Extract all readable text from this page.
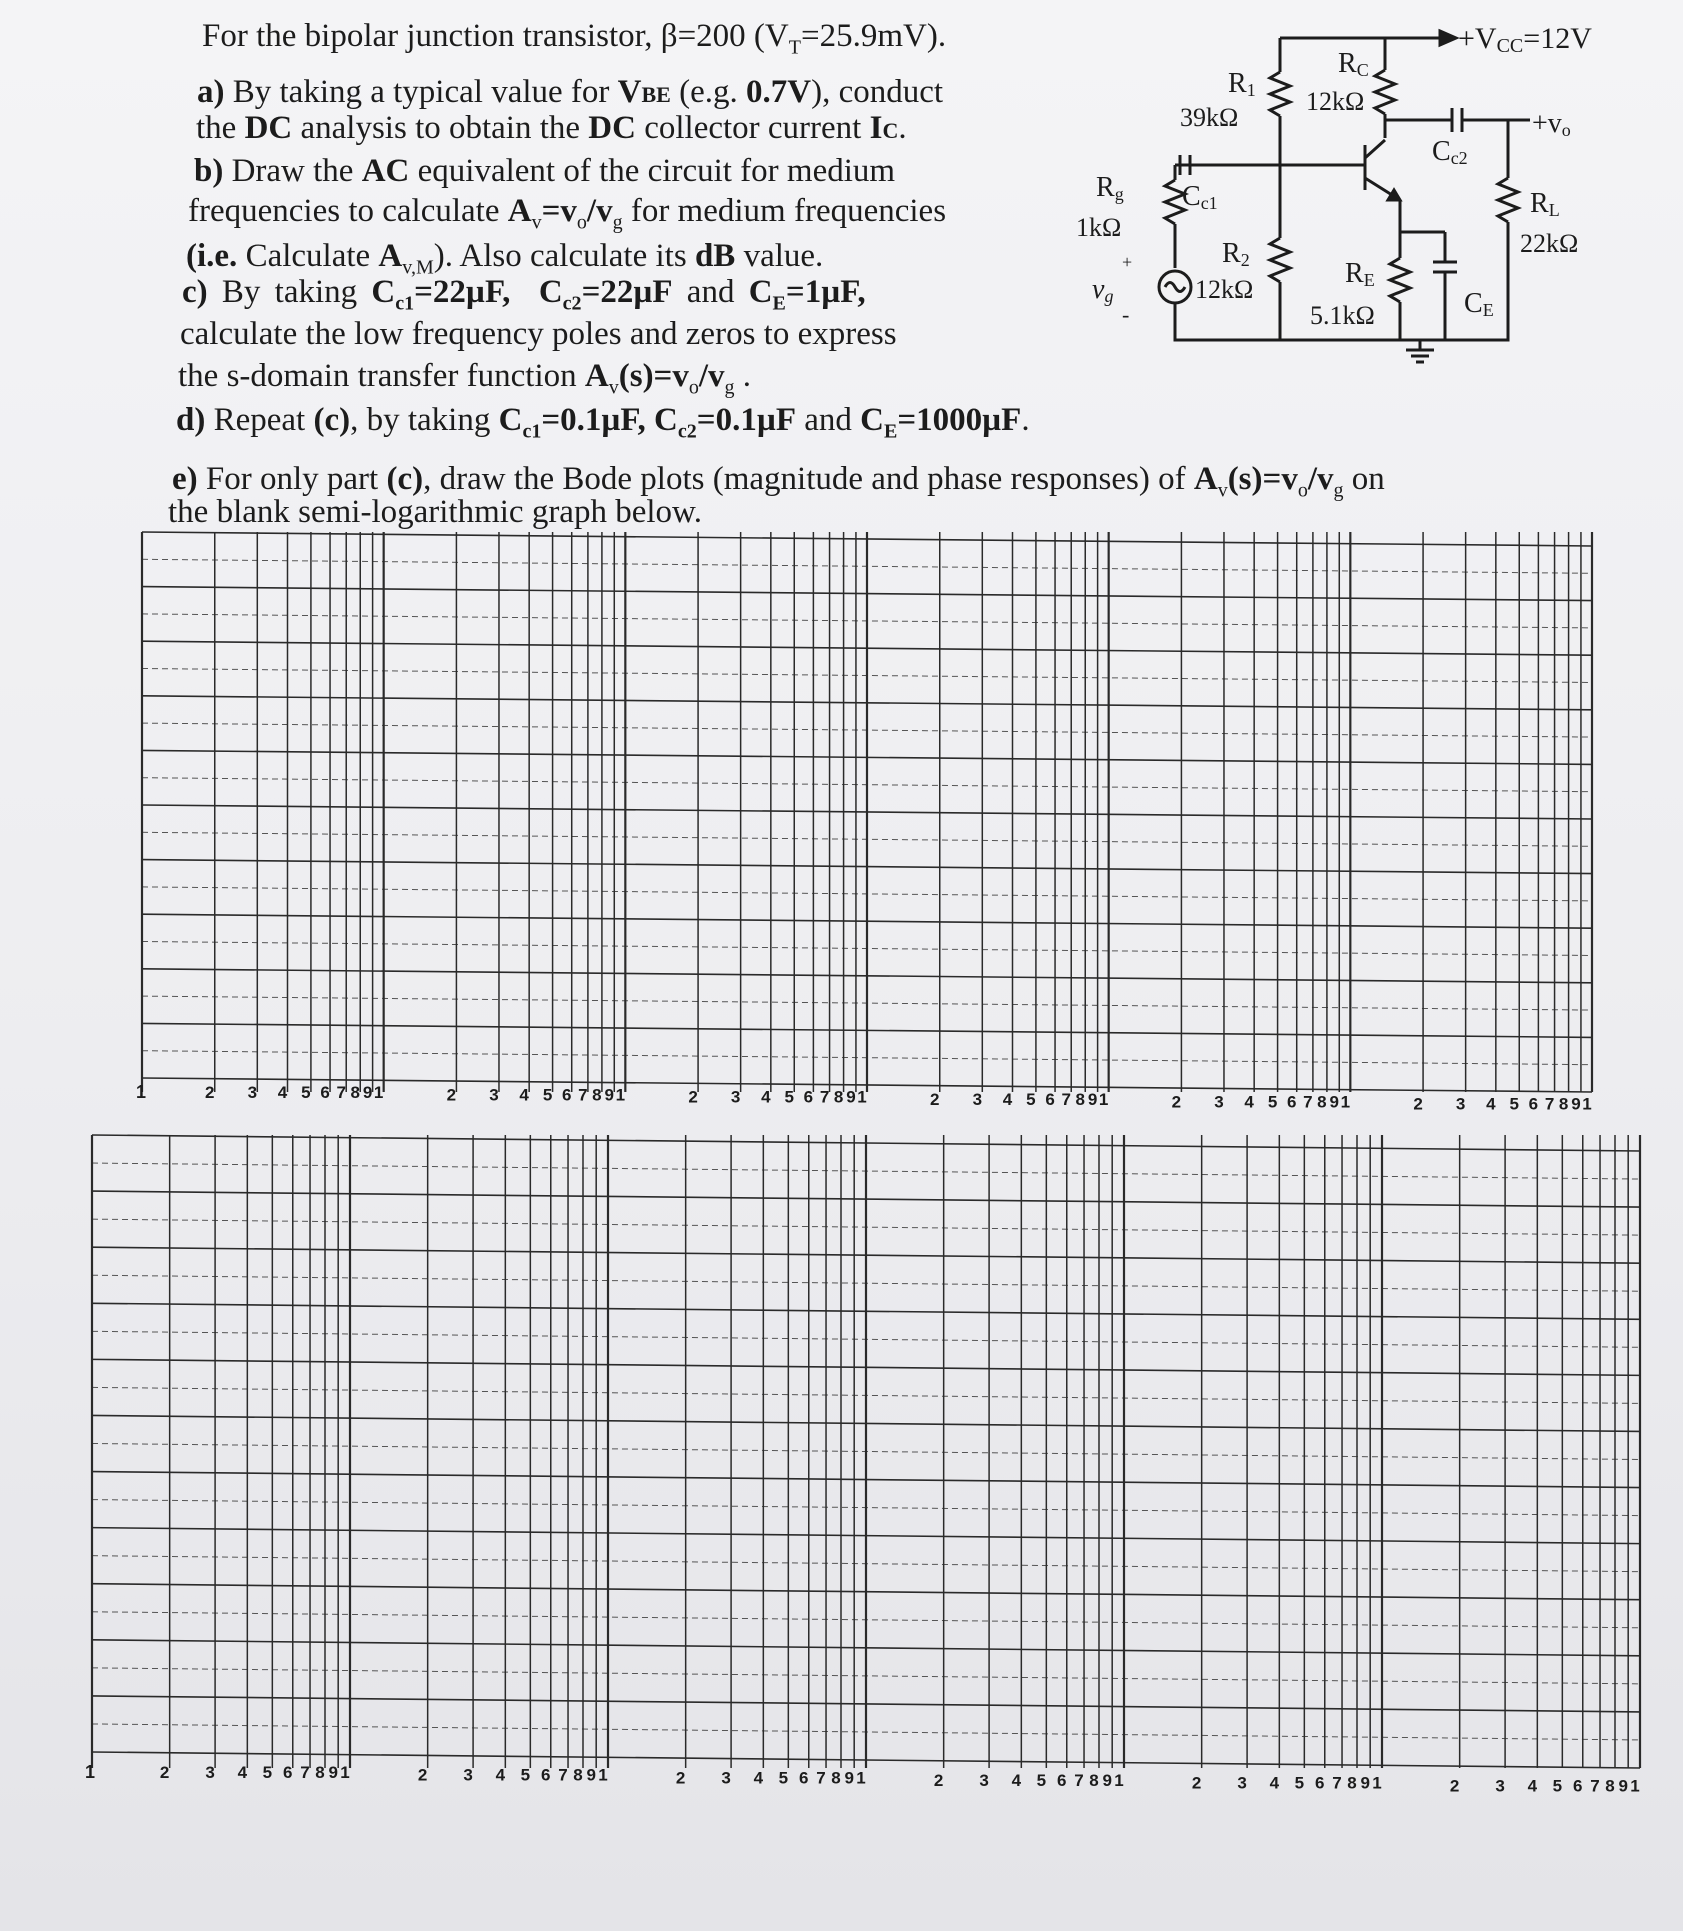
For the bipolar junction transistor, β=200 $(V_T=25.9mV)$.
a) By taking a typical value for VBE (e.g. 0.7V), conduct
the DC analysis to obtain the DC collector current IC.
b) Draw the AC equivalent of the circuit for medium
frequencies to calculate $A_v=v_o/v_g$ for medium frequencies
(i.e. Calculate $A_{v,M}$). Also calculate its dB value.
c) By taking $C_{c1}=22\mu F$, $C_{c2}=22\mu F$ and $C_E=1\mu F$,
calculate the low frequency poles and zeros to express
the s-domain transfer function $A_v(s)=v_o/v_g$ .
d) Repeat (c), by taking $C_{c1}=0.1\mu F$, $C_{c2}=0.1\mu F$ and $C_E=1000\mu F$.
e) For only part (c), draw the Bode plots (magnitude and phase responses) of $A_v(s)=v_o/v_g$ on
the blank semi-logarithmic graph below.
+VCC=12V
R1
39kΩ
RC
12kΩ
Cc2
+vo
RL
22kΩ
Rg
1kΩ
Cc1
R2
12kΩ
RE
5.1kΩ	CE
vg
+
-
1	2 3 4 5 6 7 8 9 1	2 3 4 5 6 7 8 9 1	2 3 4 5 6 7 8 9 1	2 3 4 5 6 7 8 9 1	2 3 4 5 6 7 8 9 1	2 3 4 5 6 7 8 9 1
1	2 3 4 5 6 7 8 9 1	2 3 4 5 6 7 8 9 1	2 3 4 5 6 7 8 9 1	2 3 4 5 6 7 8 9 1	2 3 4 5 6 7 8 9 1	2 3 4 5 6 7 8 9 1
